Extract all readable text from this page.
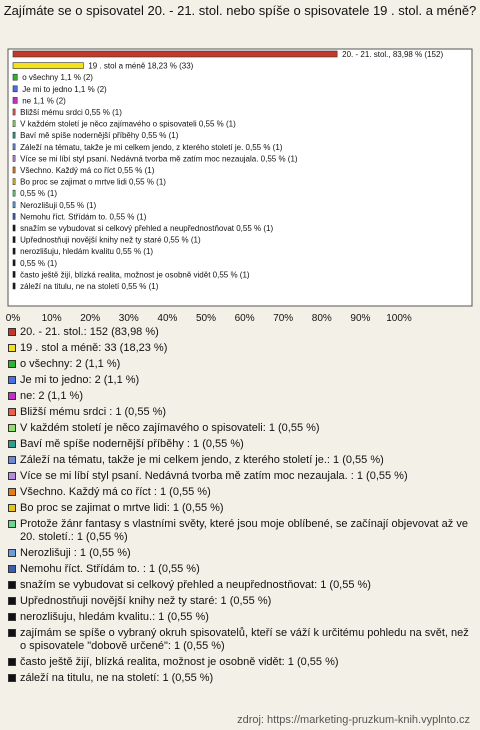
Zajímáte se o spisovatel 20. - 21. stol. nebo spíše o spisovatele 19 . stol. a méně?
20. - 21. stol., 83,98 % (152)
19 . stol a méně 18,23 % (33)
o všechny 1,1 % (2)
Je mi to jedno 1,1 % (2)
ne 1,1 % (2)
Bližší mému srdci 0,55 % (1)
V každém století je něco zajímavého o spisovateli 0,55 % (1)
Baví mě spíše nodernější příběhy 0,55 % (1)
Záleží na tématu, takže je mi celkem jendo, z kterého století je. 0,55 % (1)
Více se mi líbí styl psaní. Nedávná tvorba mě zatím moc nezaujala. 0,55 % (1)
Všechno. Každý má co říct 0,55 % (1)
Bo proc se zajimat o mrtve lidi 0,55 % (1)
0,55 % (1)
Nerozlišuji 0,55 % (1)
Nemohu říct. Střídám to. 0,55 % (1)
snažím se vybudovat si celkový přehled a neupřednostňovat 0,55 % (1)
Upřednostňuji novější knihy než ty staré 0,55 % (1)
nerozlišuju, hledám kvalitu 0,55 % (1)
0,55 % (1)
často ještě žijí, blízká realita, možnost je osobně vidět 0,55 % (1)
záleží na titulu, ne na století 0,55 % (1)
0% 10% 20% 30% 40% 50% 60% 70% 80% 90% 100%
20. - 21. stol.: 152 (83,98 %)
19 . stol a méně: 33 (18,23 %)
o všechny: 2 (1,1 %)
Je mi to jedno: 2 (1,1 %)
ne: 2 (1,1 %)
Bližší mému srdci : 1 (0,55 %)
V každém století je něco zajímavého o spisovateli: 1 (0,55 %)
Baví mě spíše nodernější příběhy : 1 (0,55 %)
Záleží na tématu, takže je mi celkem jendo, z kterého století je.: 1 (0,55 %)
Více se mi líbí styl psaní. Nedávná tvorba mě zatím moc nezaujala. : 1 (0,55 %)
Všechno. Každý má co říct : 1 (0,55 %)
Bo proc se zajimat o mrtve lidi: 1 (0,55 %)
Protože žánr fantasy s vlastními světy, které jsou moje oblíbené, se začínají objevovat až ve 20. století.: 1 (0,55 %)
Nerozlišuji : 1 (0,55 %)
Nemohu říct. Střídám to. : 1 (0,55 %)
snažím se vybudovat si celkový přehled a neupřednostňovat: 1 (0,55 %)
Upřednostňuji novější knihy než ty staré: 1 (0,55 %)
nerozlišuju, hledám kvalitu.: 1 (0,55 %)
zajímám se spíše o vybraný okruh spisovatelů, kteří se váží k určitému pohledu na svět, než o spisovatele "dobově určené": 1 (0,55 %)
často ještě žijí, blízká realita, možnost je osobně vidět: 1 (0,55 %)
záleží na titulu, ne na století: 1 (0,55 %)
zdroj: https://marketing-pruzkum-knih.vyplnto.cz
